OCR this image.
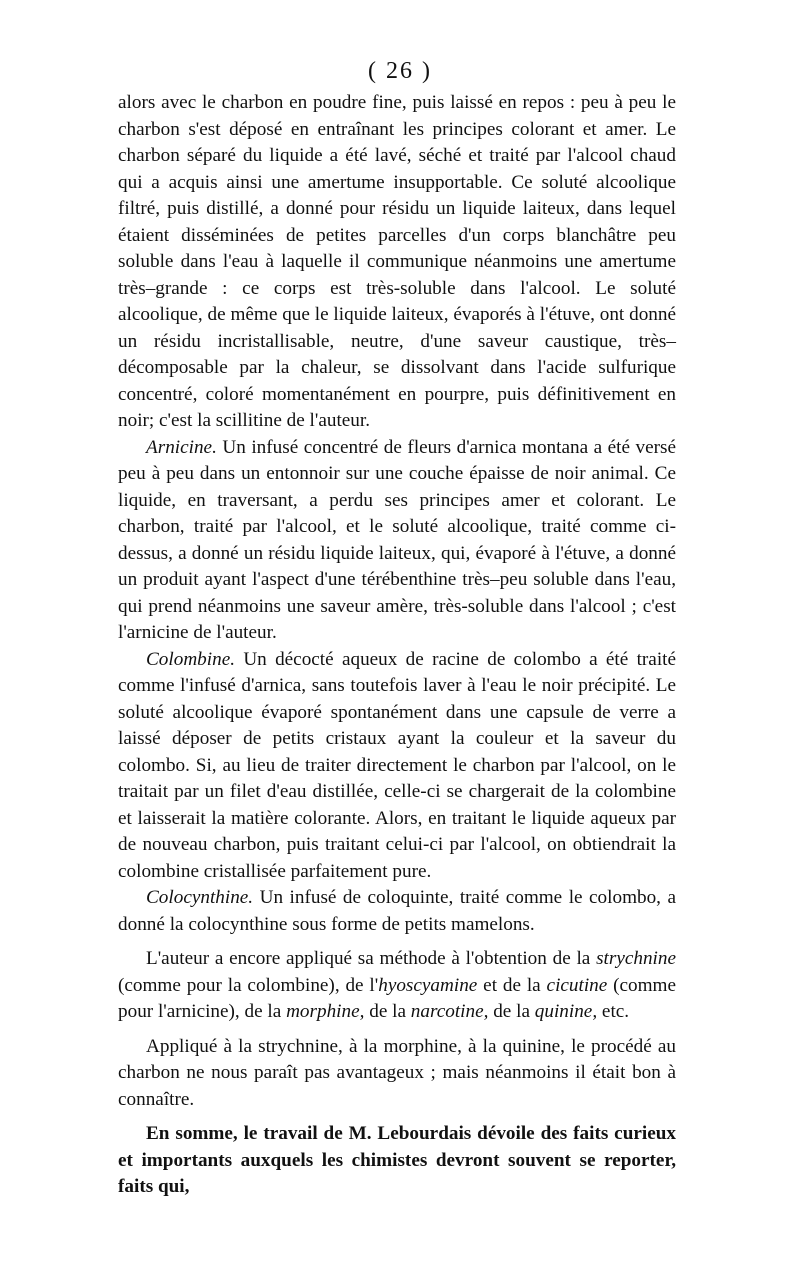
( 26 )

alors avec le charbon en poudre fine, puis laissé en repos : peu à peu le charbon s'est déposé en entraînant les principes colorant et amer. Le charbon séparé du liquide a été lavé, séché et traité par l'alcool chaud qui a acquis ainsi une amertume insupportable. Ce soluté alcoolique filtré, puis distillé, a donné pour résidu un liquide laiteux, dans lequel étaient disséminées de petites parcelles d'un corps blanchâtre peu soluble dans l'eau à laquelle il communique néanmoins une amertume très–grande : ce corps est très-soluble dans l'alcool. Le soluté alcoolique, de même que le liquide laiteux, évaporés à l'étuve, ont donné un résidu incristallisable, neutre, d'une saveur caustique, très–décomposable par la chaleur, se dissolvant dans l'acide sulfurique concentré, coloré momentanément en pourpre, puis définitivement en noir; c'est la scillitine de l'auteur.

Arnicine. Un infusé concentré de fleurs d'arnica montana a été versé peu à peu dans un entonnoir sur une couche épaisse de noir animal. Ce liquide, en traversant, a perdu ses principes amer et colorant. Le charbon, traité par l'alcool, et le soluté alcoolique, traité comme ci-dessus, a donné un résidu liquide laiteux, qui, évaporé à l'étuve, a donné un produit ayant l'aspect d'une térébenthine très–peu soluble dans l'eau, qui prend néanmoins une saveur amère, très-soluble dans l'alcool ; c'est l'arnicine de l'auteur.

Colombine. Un décocté aqueux de racine de colombo a été traité comme l'infusé d'arnica, sans toutefois laver à l'eau le noir précipité. Le soluté alcoolique évaporé spontanément dans une capsule de verre a laissé déposer de petits cristaux ayant la couleur et la saveur du colombo. Si, au lieu de traiter directement le charbon par l'alcool, on le traitait par un filet d'eau distillée, celle-ci se chargerait de la colombine et laisserait la matière colorante. Alors, en traitant le liquide aqueux par de nouveau charbon, puis traitant celui-ci par l'alcool, on obtiendrait la colombine cristallisée parfaitement pure.

Colocynthine. Un infusé de coloquinte, traité comme le colombo, a donné la colocynthine sous forme de petits mamelons.

L'auteur a encore appliqué sa méthode à l'obtention de la strychnine (comme pour la colombine), de l'hyoscyamine et de la cicutine (comme pour l'arnicine), de la morphine, de la narcotine, de la quinine, etc.

Appliqué à la strychnine, à la morphine, à la quinine, le procédé au charbon ne nous paraît pas avantageux ; mais néanmoins il était bon à connaître.

En somme, le travail de M. Lebourdais dévoile des faits curieux et importants auxquels les chimistes devront souvent se reporter, faits qui,
